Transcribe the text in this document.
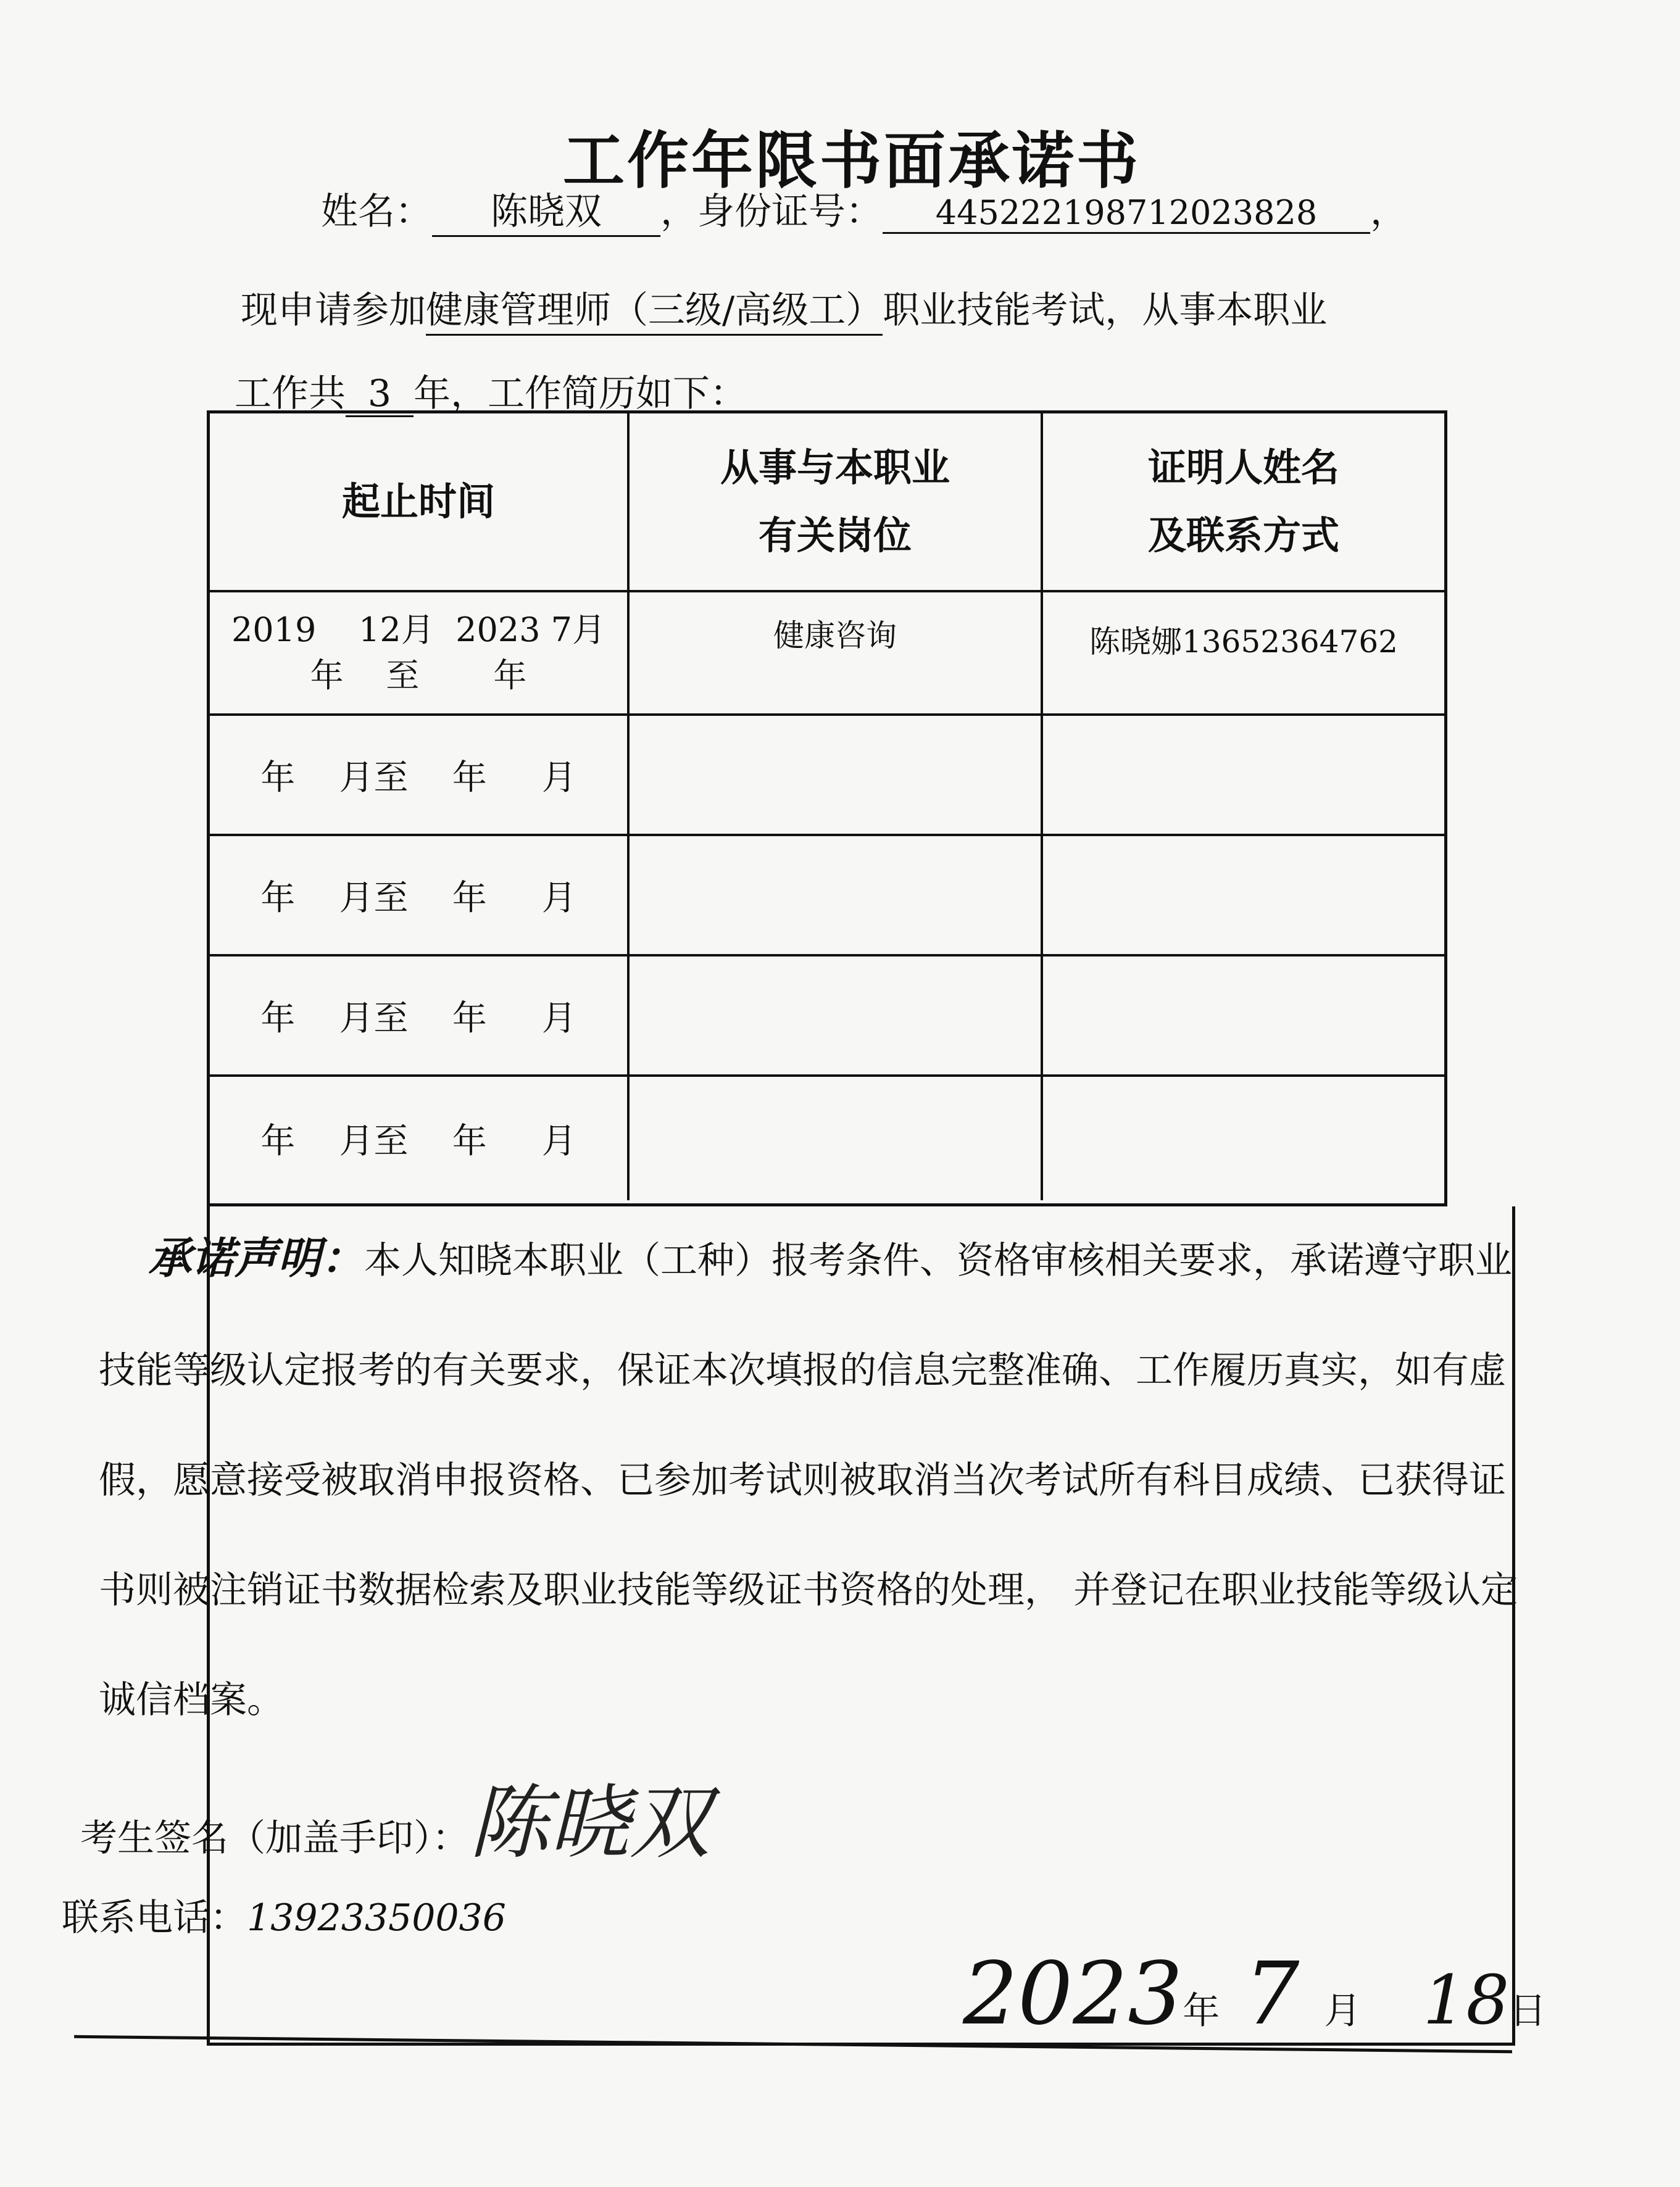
工作年限书面承诺书
姓名： 陈晓双 ，身份证号： 445222198712023828 ，
现申请参加健康管理师（三级/高级工）职业技能考试，从事本职业
工作共 3 年，工作简历如下：
起止时间
从事与本职业
有关岗位
证明人姓名
及联系方式
2019    12月  2023 7月
年    至       年
健康咨询	陈晓娜13652364762
年    月至    年     月
年    月至    年     月
年    月至    年     月
年    月至    年     月
承诺声明：本人知晓本职业（工种）报考条件、资格审核相关要求，承诺遵守职业技能等级认定报考的有关要求，保证本次填报的信息完整准确、工作履历真实，如有虚假，愿意接受被取消申报资格、已参加考试则被取消当次考试所有科目成绩、已获得证书则被注销证书数据检索及职业技能等级证书资格的处理， 并登记在职业技能等级认定诚信档案。
考生签名（加盖手印）：陈晓双
联系电话：13923350036
2023年 7 月 18日
